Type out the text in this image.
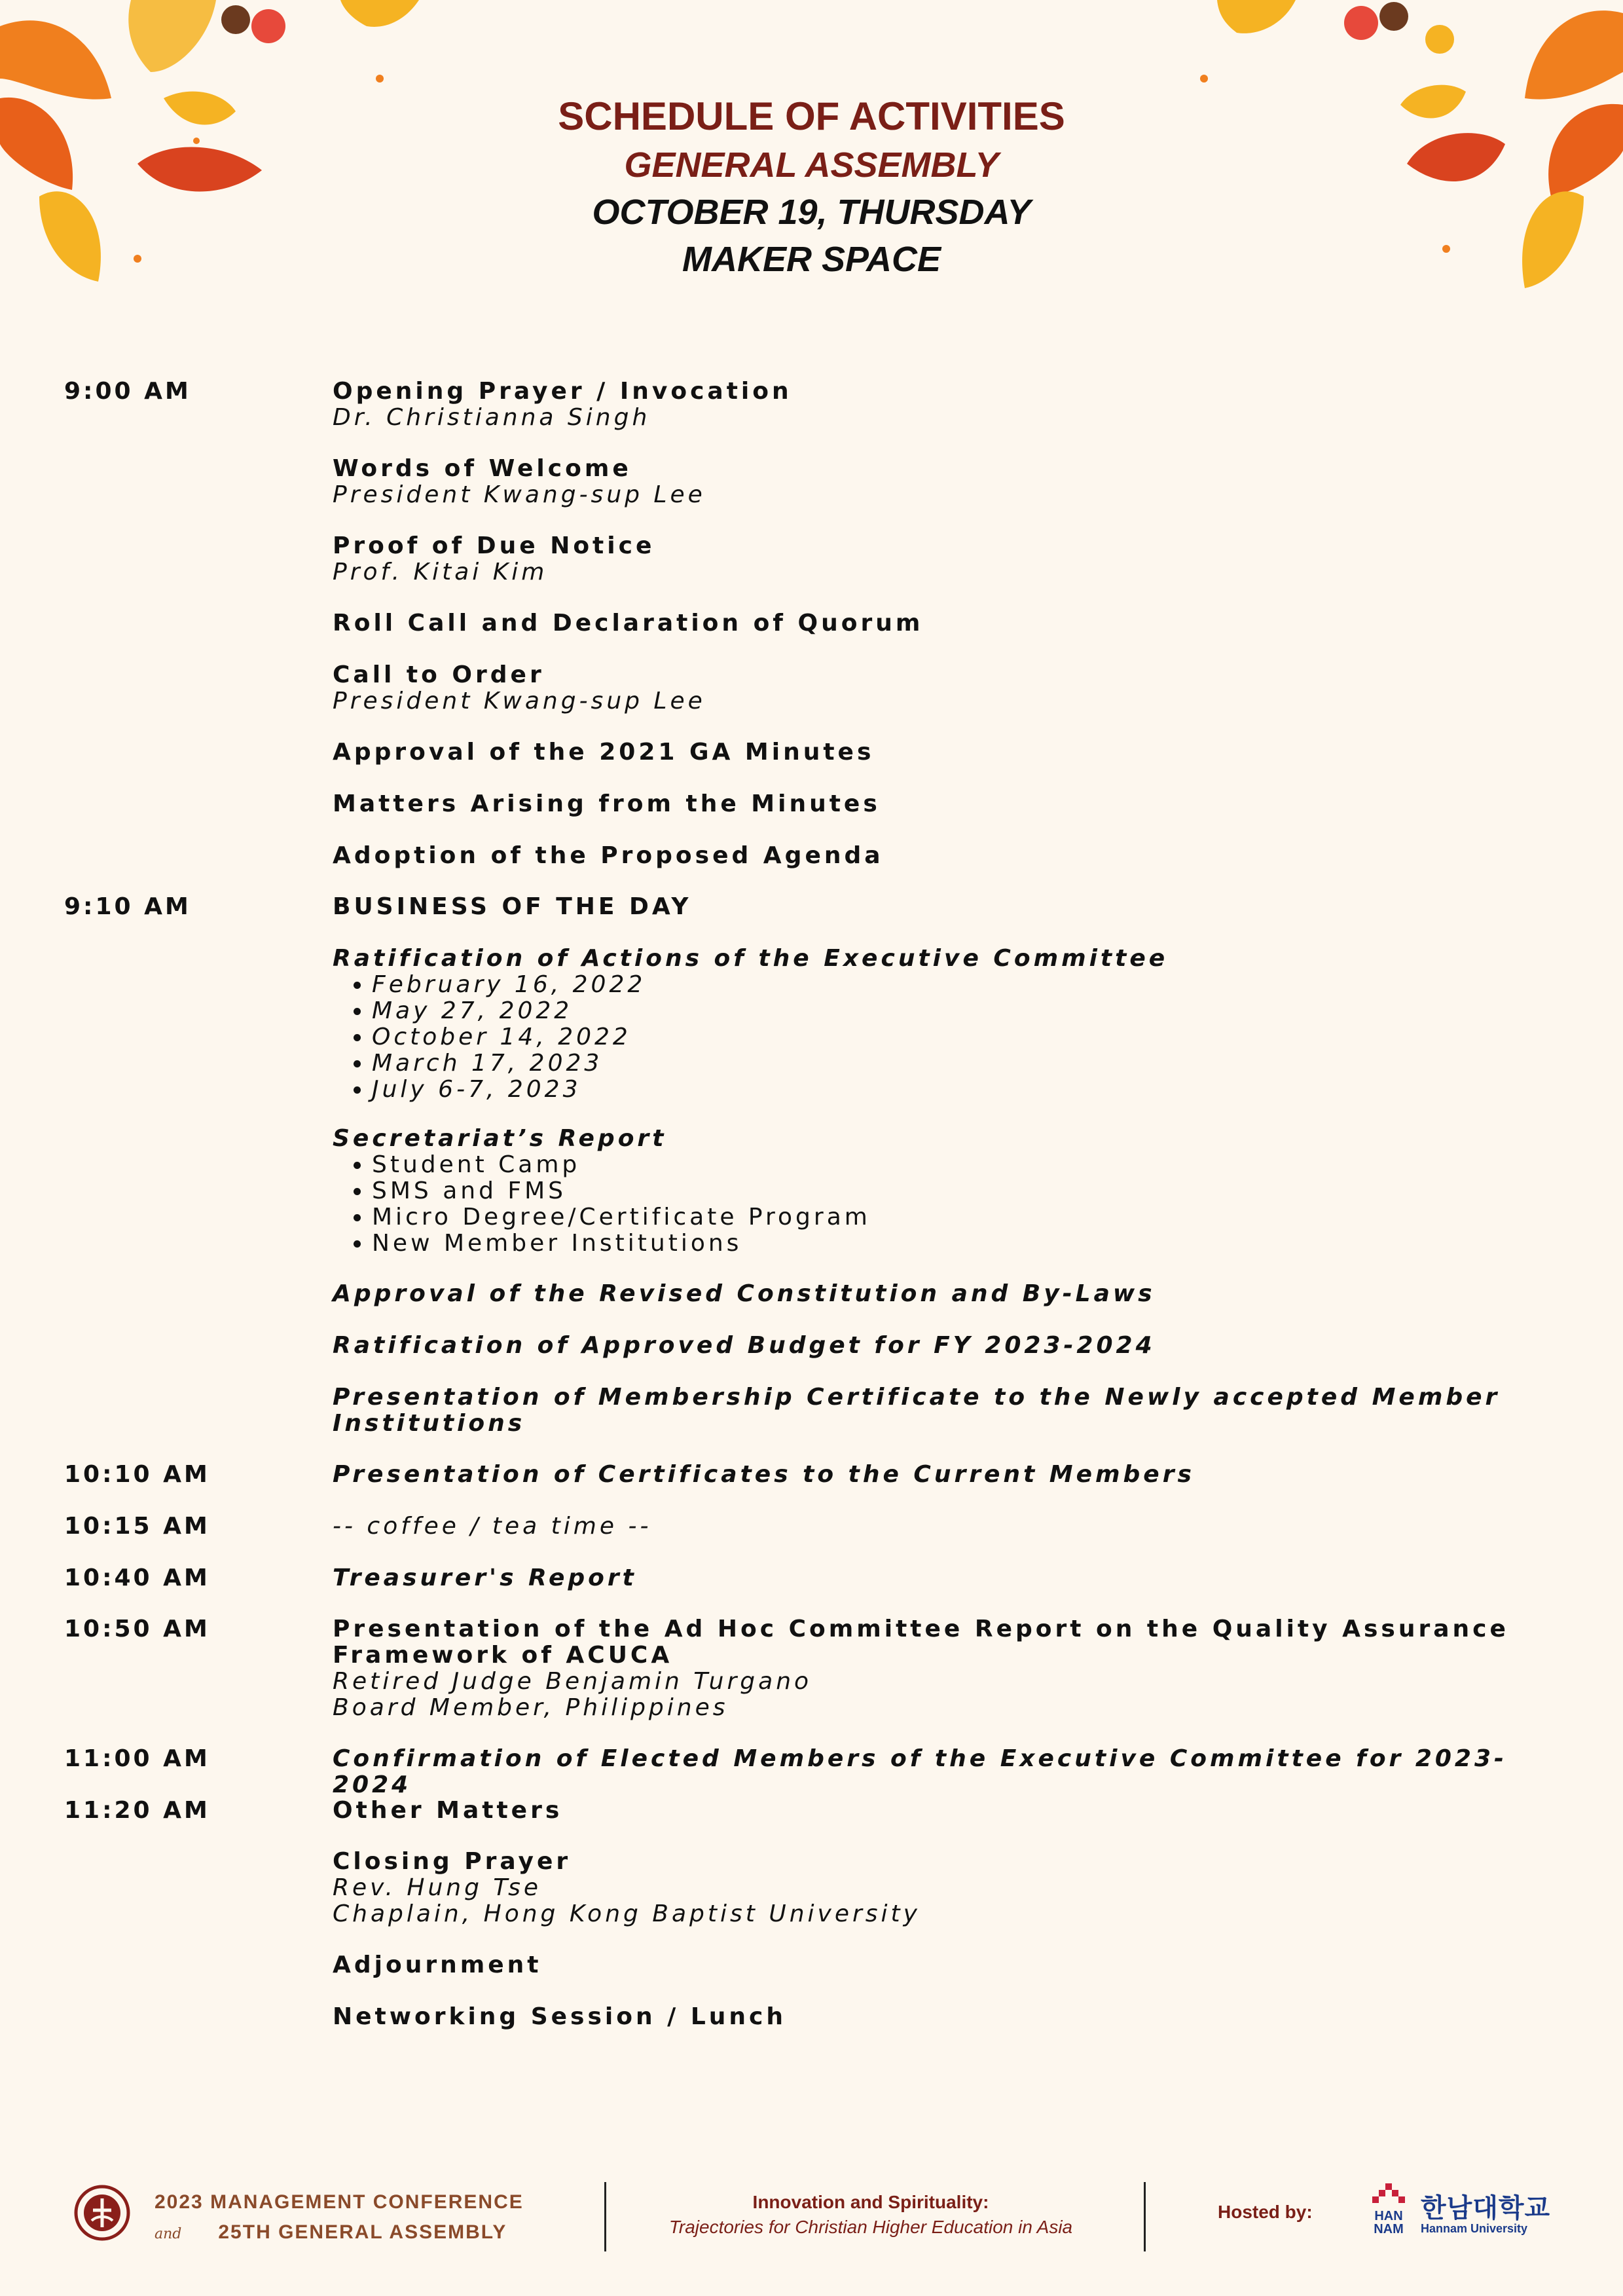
SCHEDULE OF ACTIVITIES
GENERAL ASSEMBLY
OCTOBER 19, THURSDAY
MAKER SPACE
9:00 AM
9:10 AM
10:10 AM
10:15 AM
10:40 AM
10:50 AM
11:00 AM
11:20 AM
Opening Prayer / Invocation
Dr. Christianna Singh
Words of Welcome
President Kwang-sup Lee
Proof of Due Notice
Prof. Kitai Kim
Roll Call and Declaration of Quorum
Call to Order
President Kwang-sup Lee
Approval of the 2021 GA Minutes
Matters Arising from the Minutes
Adoption of the Proposed Agenda
BUSINESS OF THE DAY
Ratification of Actions of the Executive Committee
• February 16, 2022
• May 27, 2022
• October 14, 2022
• March 17, 2023
• July 6-7, 2023
Secretariat’s Report
• Student Camp
• SMS and FMS
• Micro Degree/Certificate Program
• New Member Institutions
Approval of the Revised Constitution and By-Laws
Ratification of Approved Budget for FY 2023-2024
Presentation of Membership Certificate to the Newly accepted Member Institutions
Presentation of Certificates to the Current Members
-- coffee / tea time --
Treasurer's Report
Presentation of the Ad Hoc Committee Report on the Quality Assurance Framework of ACUCA
Retired Judge Benjamin Turgano
Board Member, Philippines
Confirmation of Elected Members of the Executive Committee for 2023-2024
Other Matters
Closing Prayer
Rev. Hung Tse
Chaplain, Hong Kong Baptist University
Adjournment
Networking Session / Lunch
2023 MANAGEMENT CONFERENCE
and 25TH GENERAL ASSEMBLY
Innovation and Spirituality:
Trajectories for Christian Higher Education in Asia
Hosted by:	HAN
NAM
한남대학교
Hannam University
